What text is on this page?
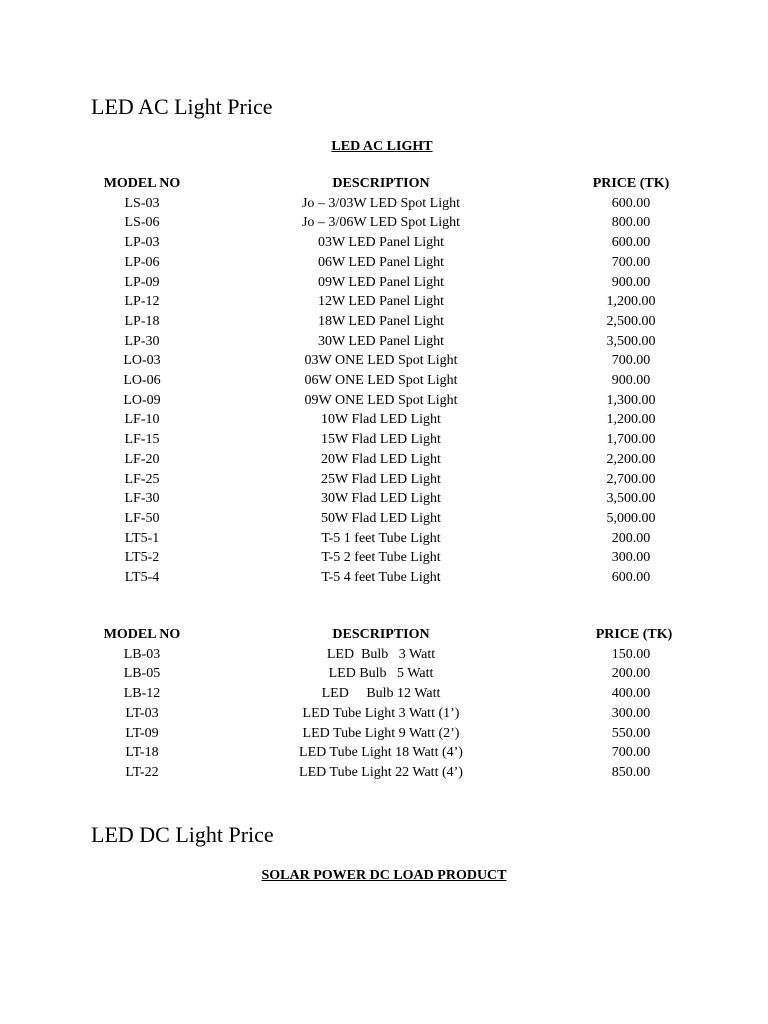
LED AC Light Price
LED AC LIGHT
MODEL NO	DESCRIPTION	PRICE (TK)
LS-03	Jo – 3/03W LED Spot Light	600.00
LS-06	Jo – 3/06W LED Spot Light	800.00
LP-03	03W LED Panel Light	600.00
LP-06	06W LED Panel Light	700.00
LP-09	09W LED Panel Light	900.00
LP-12	12W LED Panel Light	1,200.00
LP-18	18W LED Panel Light	2,500.00
LP-30	30W LED Panel Light	3,500.00
LO-03	03W ONE LED Spot Light	700.00
LO-06	06W ONE LED Spot Light	900.00
LO-09	09W ONE LED Spot Light	1,300.00
LF-10	10W Flad LED Light	1,200.00
LF-15	15W Flad LED Light	1,700.00
LF-20	20W Flad LED Light	2,200.00
LF-25	25W Flad LED Light	2,700.00
LF-30	30W Flad LED Light	3,500.00
LF-50	50W Flad LED Light	5,000.00
LT5-1	T-5 1 feet Tube Light	200.00
LT5-2	T-5 2 feet Tube Light	300.00
LT5-4	T-5 4 feet Tube Light	600.00
MODEL NO	DESCRIPTION	PRICE (TK)
LB-03	LED  Bulb   3 Watt	150.00
LB-05	LED Bulb   5 Watt	200.00
LB-12	LED     Bulb 12 Watt	400.00
LT-03	LED Tube Light 3 Watt (1’)	300.00
LT-09	LED Tube Light 9 Watt (2’)	550.00
LT-18	LED Tube Light 18 Watt (4’)	700.00
LT-22	LED Tube Light 22 Watt (4’)	850.00
LED DC Light Price
SOLAR POWER DC LOAD PRODUCT
